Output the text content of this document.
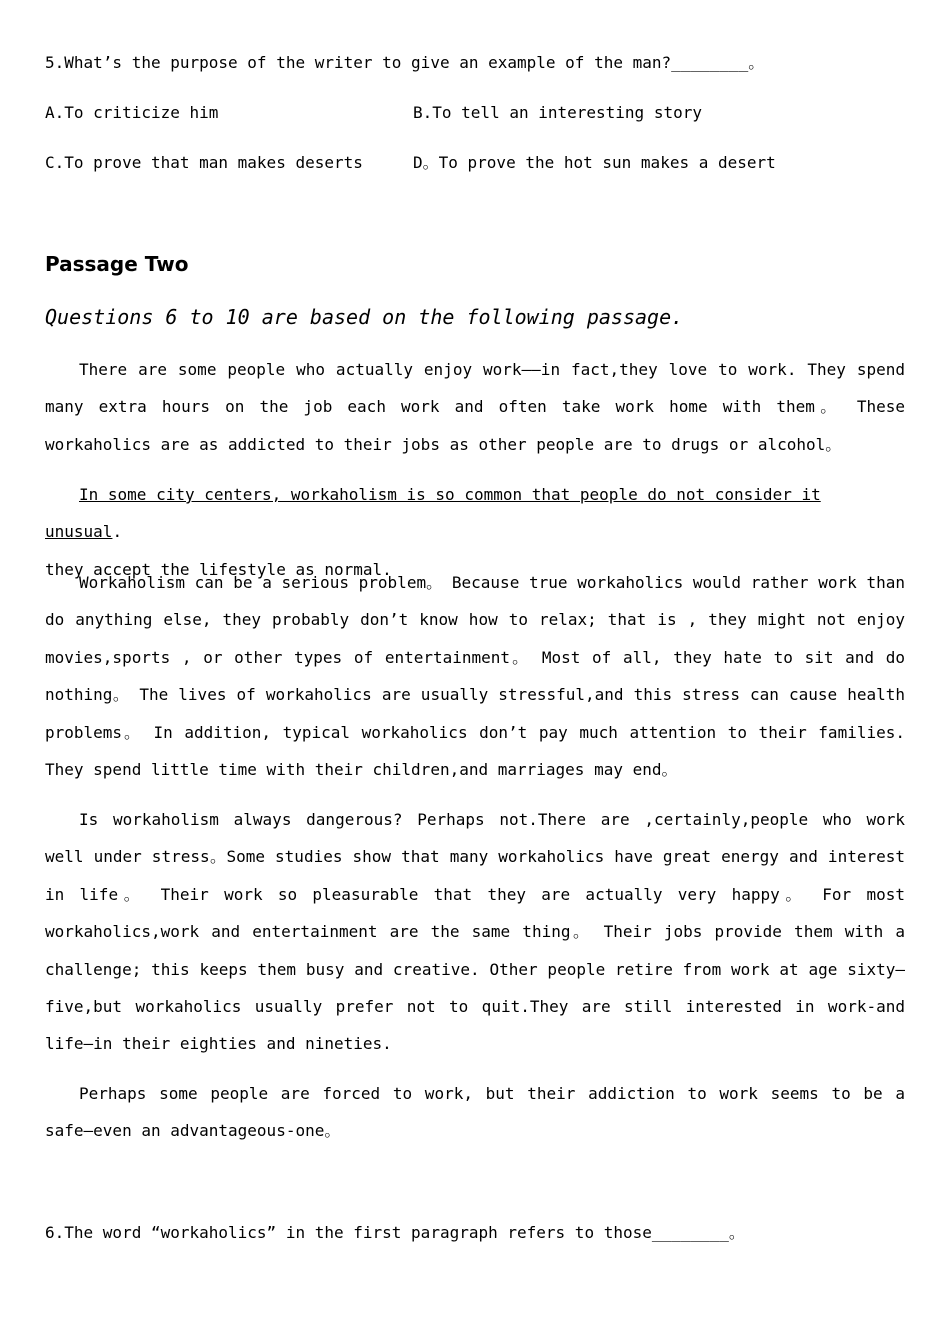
5.What’s the purpose of the writer to give an example of the man?________。
A.To criticize him	B.To tell an interesting story
C.To prove that man makes deserts	D。To prove the hot sun makes a desert
Passage Two
Questions 6 to 10 are based on the following passage.

There are some people who actually enjoy work——in fact,they love to work. They spend many extra hours on the job each work and often take work home with them。 These workaholics are as addicted to their jobs as other people are to drugs or alcohol。

In some city centers, workaholism is so common that people do not consider it unusual.
they accept the lifestyle as normal.

Workaholism can be a serious problem。 Because true workaholics would rather work than do anything else, they probably don’t know how to relax; that is , they might not enjoy movies,sports , or other types of entertainment。 Most of all, they hate to sit and do nothing。 The lives of workaholics are usually stressful,and this stress can cause health problems。 In addition, typical workaholics don’t pay much attention to their families. They spend little time with their children,and marriages may end。

Is workaholism always dangerous? Perhaps not.There are ,certainly,people who work well under stress。Some studies show that many workaholics have great energy and interest in life。 Their work so pleasurable that they are actually very happy。 For most workaholics,work and entertainment are the same thing。 Their jobs provide them with a challenge; this keeps them busy and creative. Other people retire from work at age sixty—five,but workaholics usually prefer not to quit.They are still interested in work-and life—in their eighties and nineties.

Perhaps some people are forced to work, but their addiction to work seems to be a safe—even an advantageous-one。

6.The word “workaholics” in the first paragraph refers to those________。
